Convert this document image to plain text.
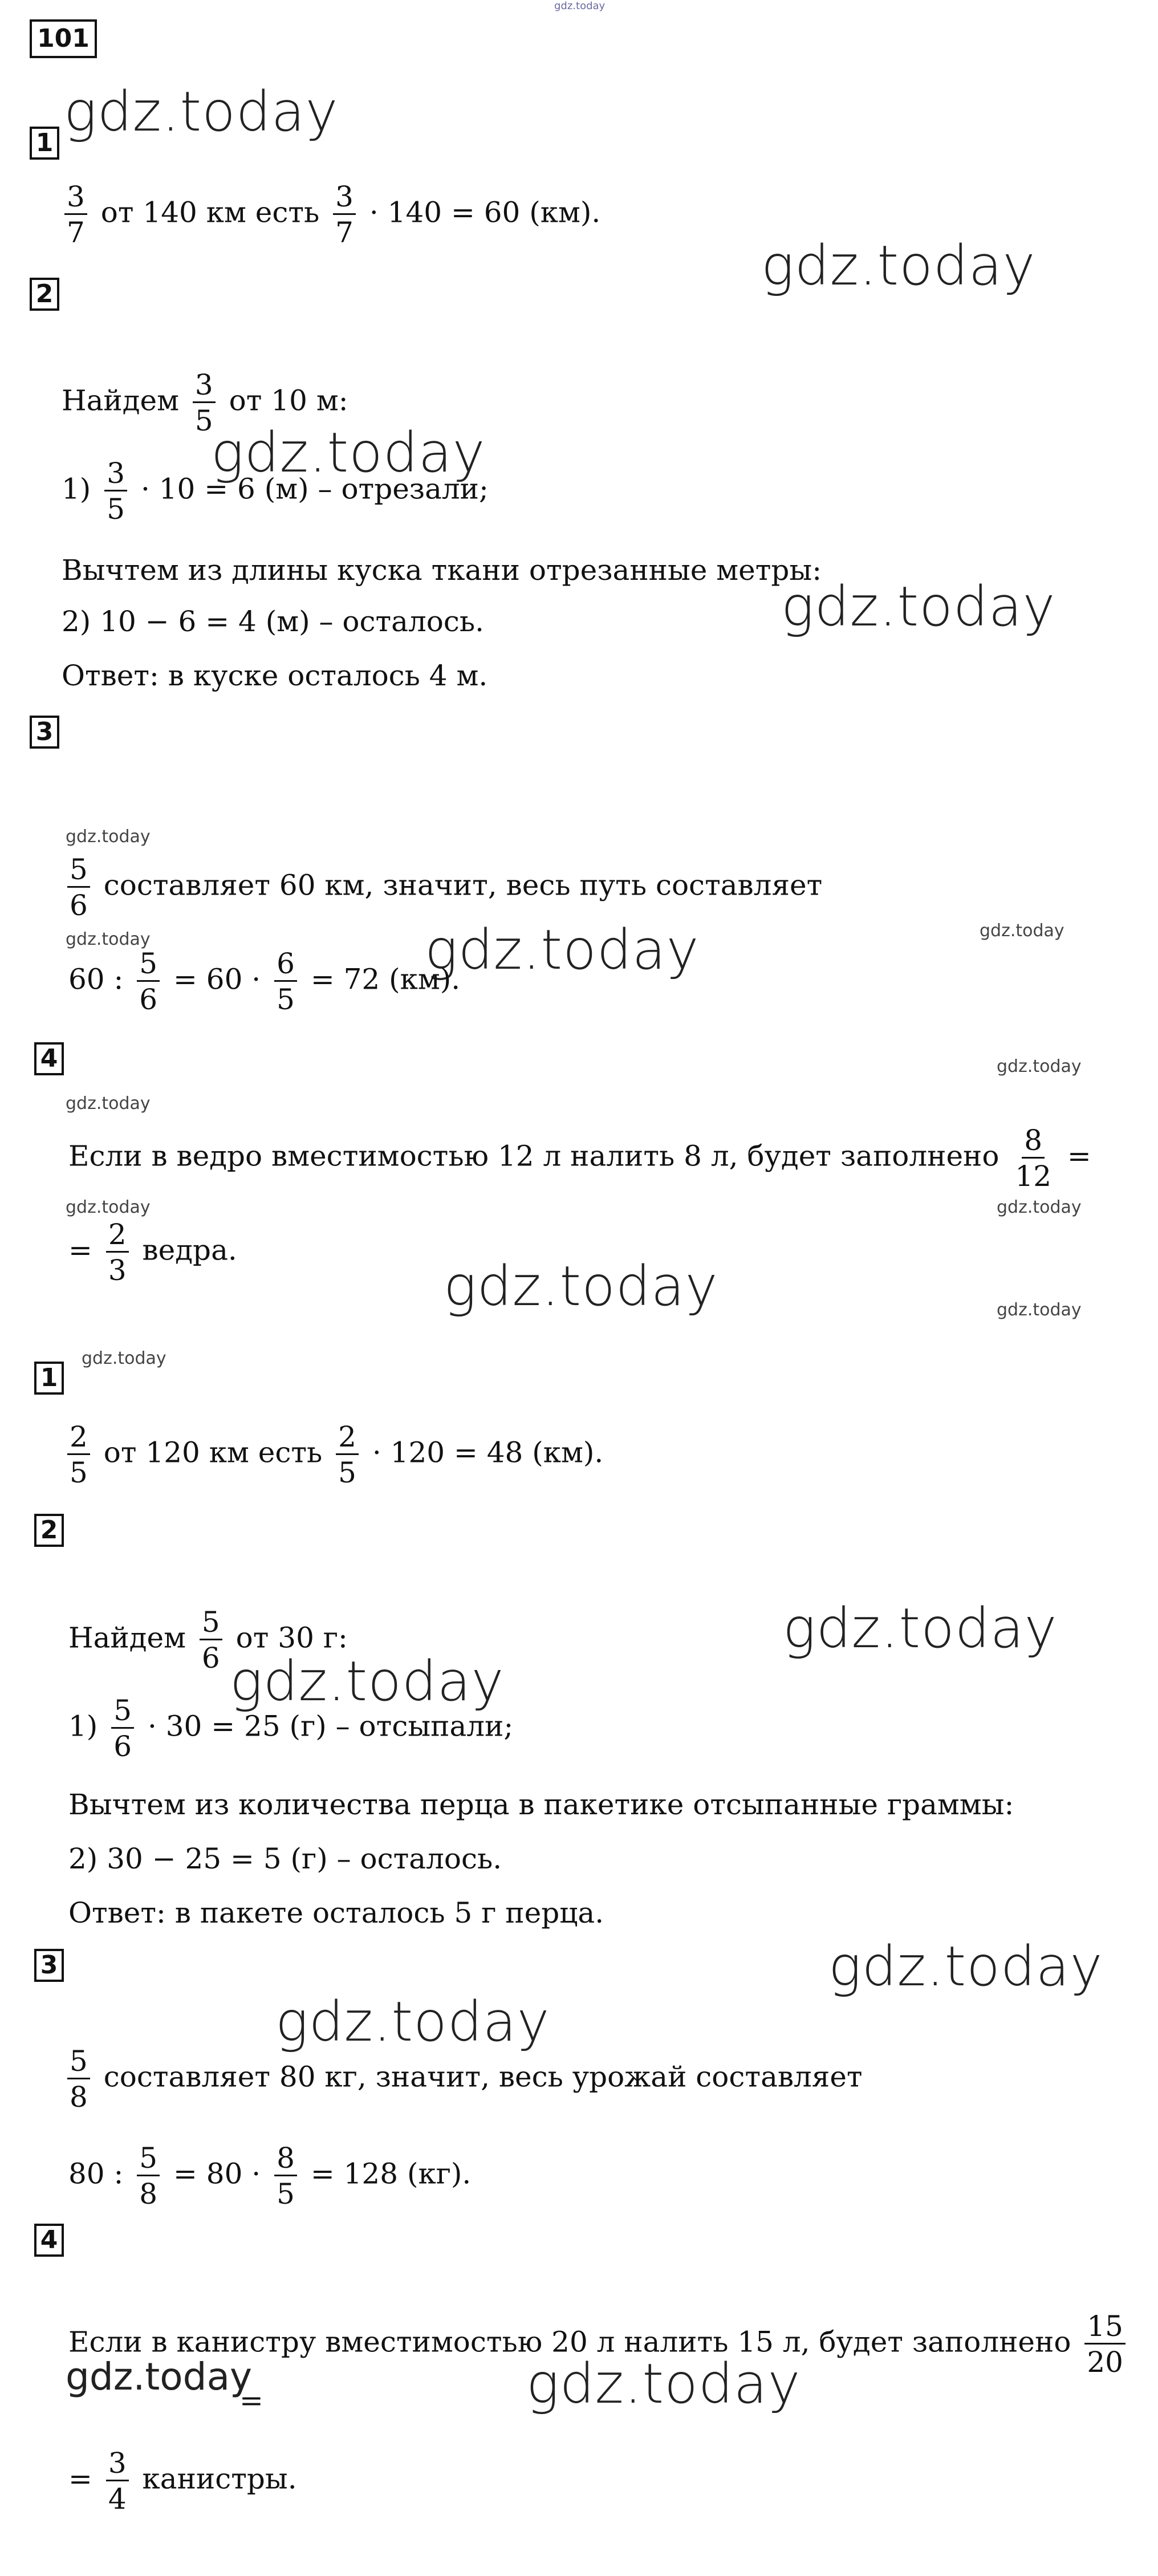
101
gdz.today
gdz.today
gdz.today
gdz.today
gdz.today
gdz.today
gdz.today	gdz.today	gdz.today
gdz.today
gdz.today
gdz.today	gdz.today
gdz.today	gdz.today
gdz.today
gdz.today
gdz.today
gdz.today
gdz.today
gdz.today	gdz.today
1
$\frac{3}{7}$ от 140 км есть $\frac{3}{7} \cdot 140 = 60$ (км).
2
Найдем $\frac{3}{5}$ от 10 м:
$1) \frac{3}{5} \cdot 10 = 6$ (м) – отрезали;
Вычтем из длины куска ткани отрезанные метры:
2) 10 − 6 = 4 (м) – осталось.
Ответ: в куске осталось 4 м.
3
$\frac{5}{6}$ составляет 60 км, значит, весь путь составляет
60 : $\frac{5}{6} = 60 \cdot \frac{6}{5} = 72$ (км).
4
Если в ведро вместимостью 12 л налить 8 л, будет заполнено $\frac{8}{12}$ =
= $\frac{2}{3}$ ведра.
1
$\frac{2}{5}$ от 120 км есть $\frac{2}{5} \cdot 120 = 48$ (км).
2
Найдем $\frac{5}{6}$ от 30 г:
$1) \frac{5}{6} \cdot 30 = 25$ (г) – отсыпали;
Вычтем из количества перца в пакетике отсыпанные граммы:
2) 30 − 25 = 5 (г) – осталось.
Ответ: в пакете осталось 5 г перца.
3
$\frac{5}{8}$ составляет 80 кг, значит, весь урожай составляет
80 : $\frac{5}{8} = 80 \cdot \frac{8}{5} = 128$ (кг).
4
Если в канистру вместимостью 20 л налить 15 л, будет заполнено $\frac{15}{20}$
=
= $\frac{3}{4}$ канистры.
